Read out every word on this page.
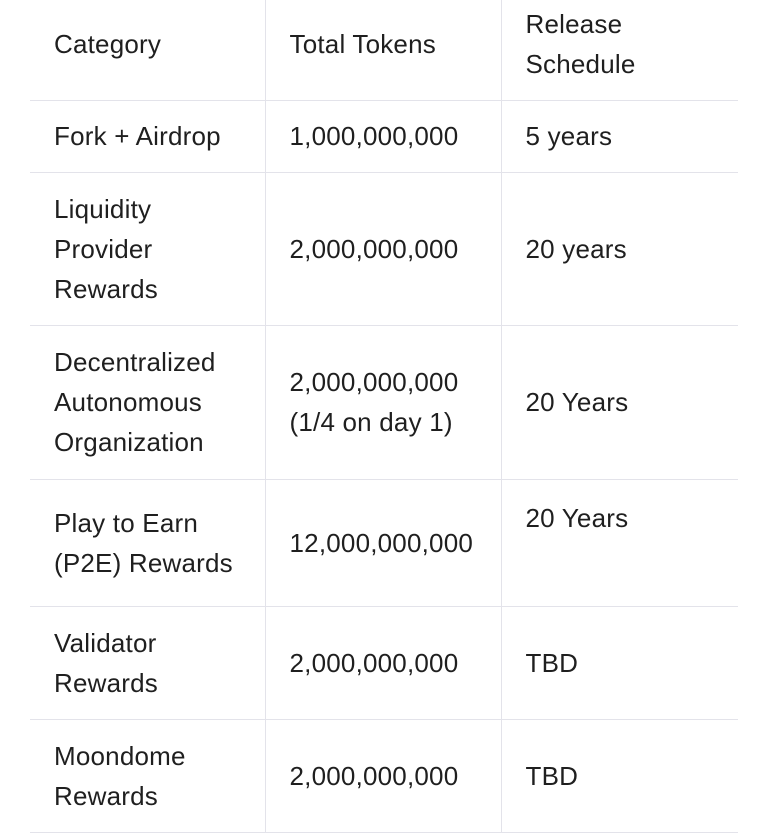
Category	Total Tokens	Release Schedule
Fork + Airdrop	1,000,000,000	5 years
Liquidity Provider Rewards	2,000,000,000	20 years
Decentralized Autonomous Organization	2,000,000,000 (1/4 on day 1)	20 Years
Play to Earn (P2E) Rewards	12,000,000,000	20 Years
Validator Rewards	2,000,000,000	TBD
Moondome Rewards	2,000,000,000	TBD
